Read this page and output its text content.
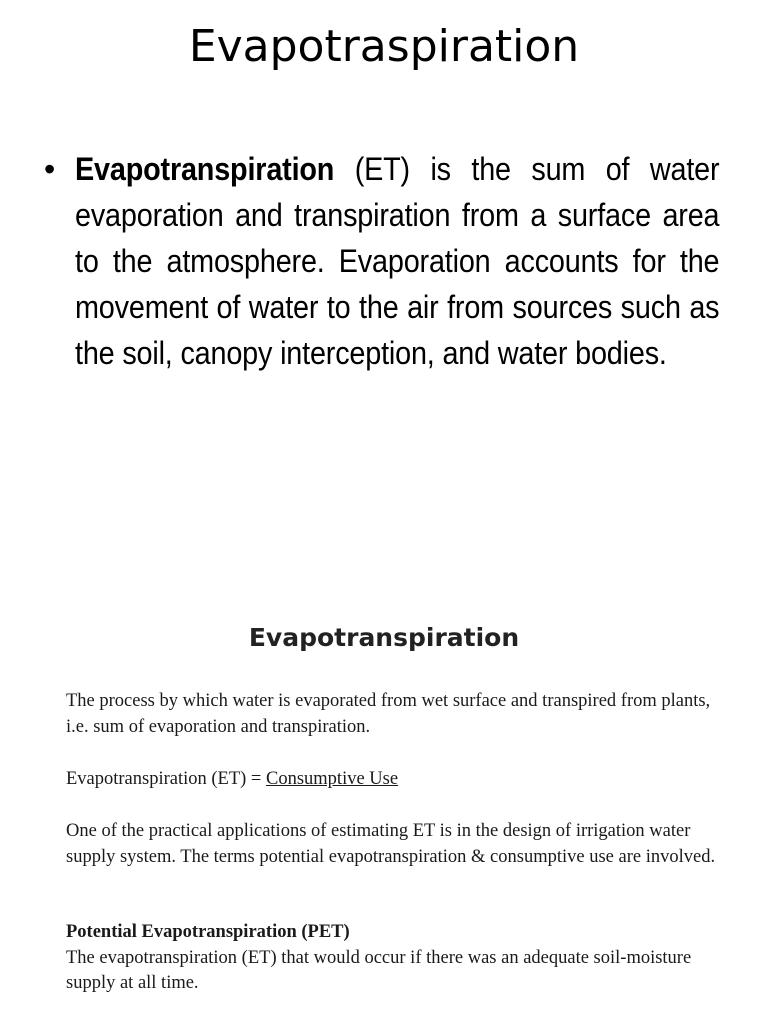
Evapotraspiration
• Evapotranspiration (ET) is the sum of water evaporation and transpiration from a surface area to the atmosphere. Evaporation accounts for the movement of water to the air from sources such as the soil, canopy interception, and water bodies.

Evapotranspiration

The process by which water is evaporated from wet surface and transpired from plants, i.e. sum of evaporation and transpiration.

Evapotranspiration (ET) = Consumptive Use

One of the practical applications of estimating ET is in the design of irrigation water supply system. The terms potential evapotranspiration & consumptive use are involved.

Potential Evapotranspiration (PET)
The evapotranspiration (ET) that would occur if there was an adequate soil-moisture supply at all time.
